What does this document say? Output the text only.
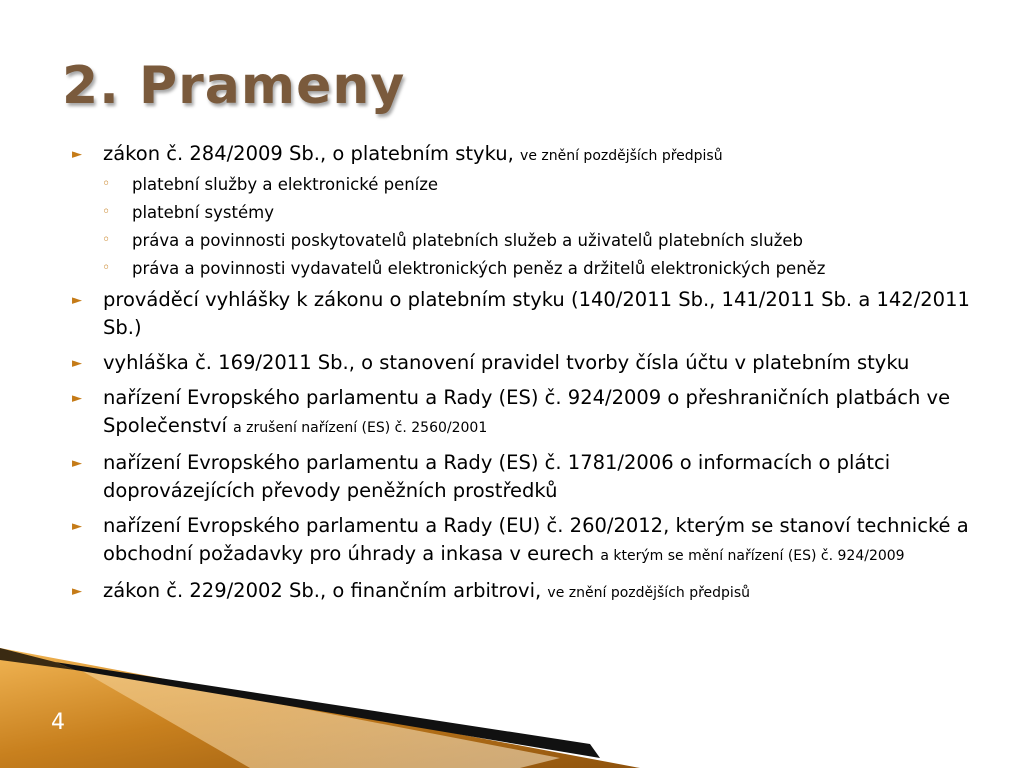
2. Prameny

► zákon č. 284/2009 Sb., o platebním styku, ve znění pozdějších předpisů

◦ platební služby a elektronické peníze

◦ platební systémy

◦ práva a povinnosti poskytovatelů platebních služeb a uživatelů platebních služeb

◦ práva a povinnosti vydavatelů elektronických peněz a držitelů elektronických peněz

► prováděcí vyhlášky k zákonu o platebním styku (140/2011 Sb., 141/2011 Sb. a 142/2011 Sb.)

► vyhláška č. 169/2011 Sb., o stanovení pravidel tvorby čísla účtu v platebním styku

► nařízení Evropského parlamentu a Rady (ES) č. 924/2009 o přeshraničních platbách ve Společenství a zrušení nařízení (ES) č. 2560/2001

► nařízení Evropského parlamentu a Rady (ES) č. 1781/2006 o informacích o plátci doprovázejících převody peněžních prostředků

► nařízení Evropského parlamentu a Rady (EU) č. 260/2012, kterým se stanoví technické a obchodní požadavky pro úhrady a inkasa v eurech a kterým se mění nařízení (ES) č. 924/2009

► zákon č. 229/2002 Sb., o finančním arbitrovi, ve znění pozdějších předpisů

4
